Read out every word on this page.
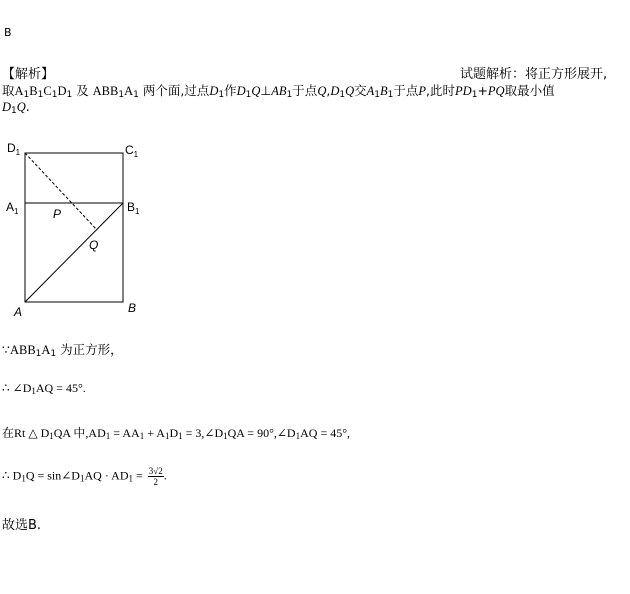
B
【解析】	试题解析：将正方形展开,
取$A_1B_1C_1D_1$ 及 $ABB_1A_1$ 两个面,过点$D_1$作$D_1Q\perp AB_1$于点$Q,D_1Q$交$A_1B_1$于点P,此时$PD_1+PQ$取最小值
$D_1Q$.
$D_1$	$C_1$
$A_1$	$B_1$
P
Q
A	B
$\because ABB_1A_1$ 为正方形，
∴ $\angle D_1AQ = 45^\circ$.
在Rt △ $D_1QA$ 中$,AD_1 = AA_1 + A_1D_1$ = $3,\angle D_1QA$ = $90^\circ,\angle D_1AQ = 45^\circ$,
∴ $D_1Q$ = $\sin\angle D_1AQ \cdot AD_1 = \frac{3√2}{2}$ .
故选B.
